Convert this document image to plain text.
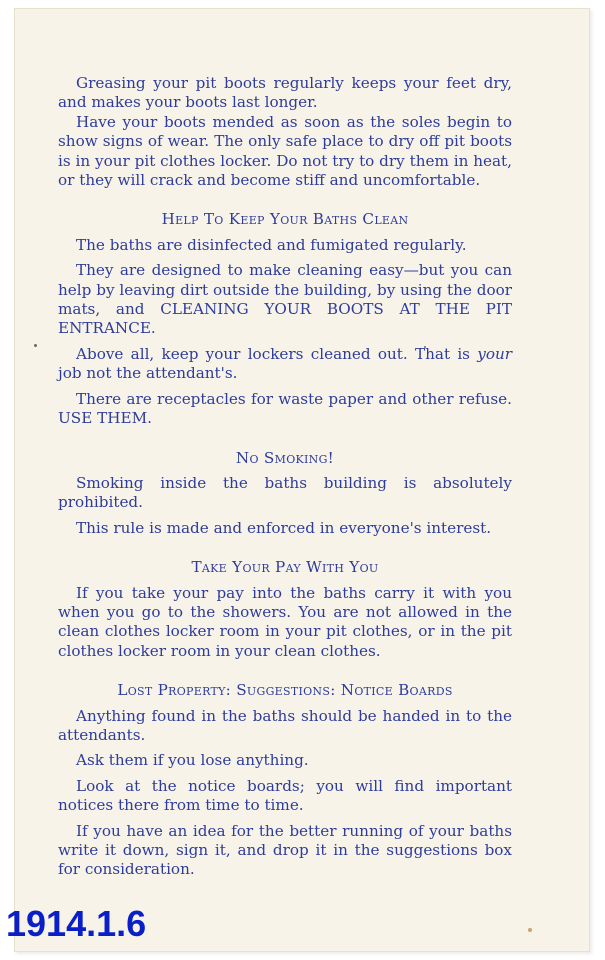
Greasing your pit boots regularly keeps your feet dry, and makes your boots last longer.

Have your boots mended as soon as the soles begin to show signs of wear. The only safe place to dry off pit boots is in your pit clothes locker. Do not try to dry them in heat, or they will crack and become stiff and uncomfortable.

Help To Keep Your Baths Clean

The baths are disinfected and fumigated regularly.

They are designed to make cleaning easy—but you can help by leaving dirt outside the building, by using the door mats, and CLEANING YOUR BOOTS AT THE PIT ENTRANCE.

Above all, keep your lockers cleaned out. That is your job not the attendant's.

There are receptacles for waste paper and other refuse. USE THEM.

No Smoking!

Smoking inside the baths building is absolutely prohibited.

This rule is made and enforced in everyone's interest.

Take Your Pay With You

If you take your pay into the baths carry it with you when you go to the showers. You are not allowed in the clean clothes locker room in your pit clothes, or in the pit clothes locker room in your clean clothes.

Lost Property: Suggestions: Notice Boards

Anything found in the baths should be handed in to the attendants.

Ask them if you lose anything.

Look at the notice boards; you will find important notices there from time to time.

If you have an idea for the better running of your baths write it down, sign it, and drop it in the suggestions box for consideration.

1914.1.6
